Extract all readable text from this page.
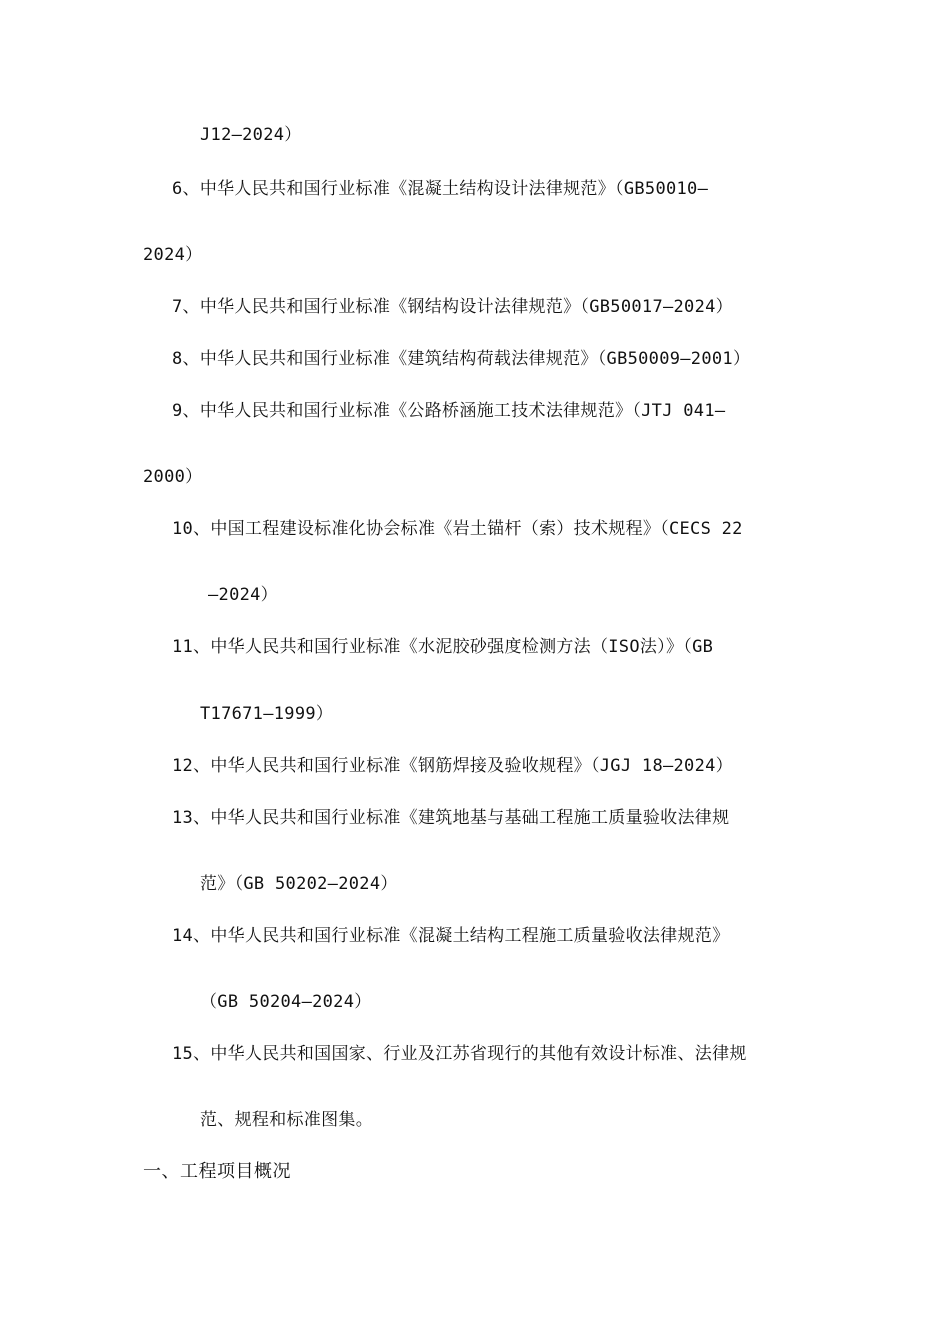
J12—2024）
6、中华人民共和国行业标准《混凝土结构设计法律规范》（GB50010—
2024）
7、中华人民共和国行业标准《钢结构设计法律规范》（GB50017—2024）
8、中华人民共和国行业标准《建筑结构荷载法律规范》（GB50009—2001）
9、中华人民共和国行业标准《公路桥涵施工技术法律规范》（JTJ 041—
2000）
10、中国工程建设标准化协会标准《岩土锚杆（索）技术规程》（CECS 22
—2024）
11、中华人民共和国行业标准《水泥胶砂强度检测方法（ISO法）》（GB
T17671—1999）
12、中华人民共和国行业标准《钢筋焊接及验收规程》（JGJ 18—2024）
13、中华人民共和国行业标准《建筑地基与基础工程施工质量验收法律规
范》（GB 50202—2024）
14、中华人民共和国行业标准《混凝土结构工程施工质量验收法律规范》
（GB 50204—2024）
15、中华人民共和国国家、行业及江苏省现行的其他有效设计标准、法律规
范、规程和标准图集。
一、工程项目概况
